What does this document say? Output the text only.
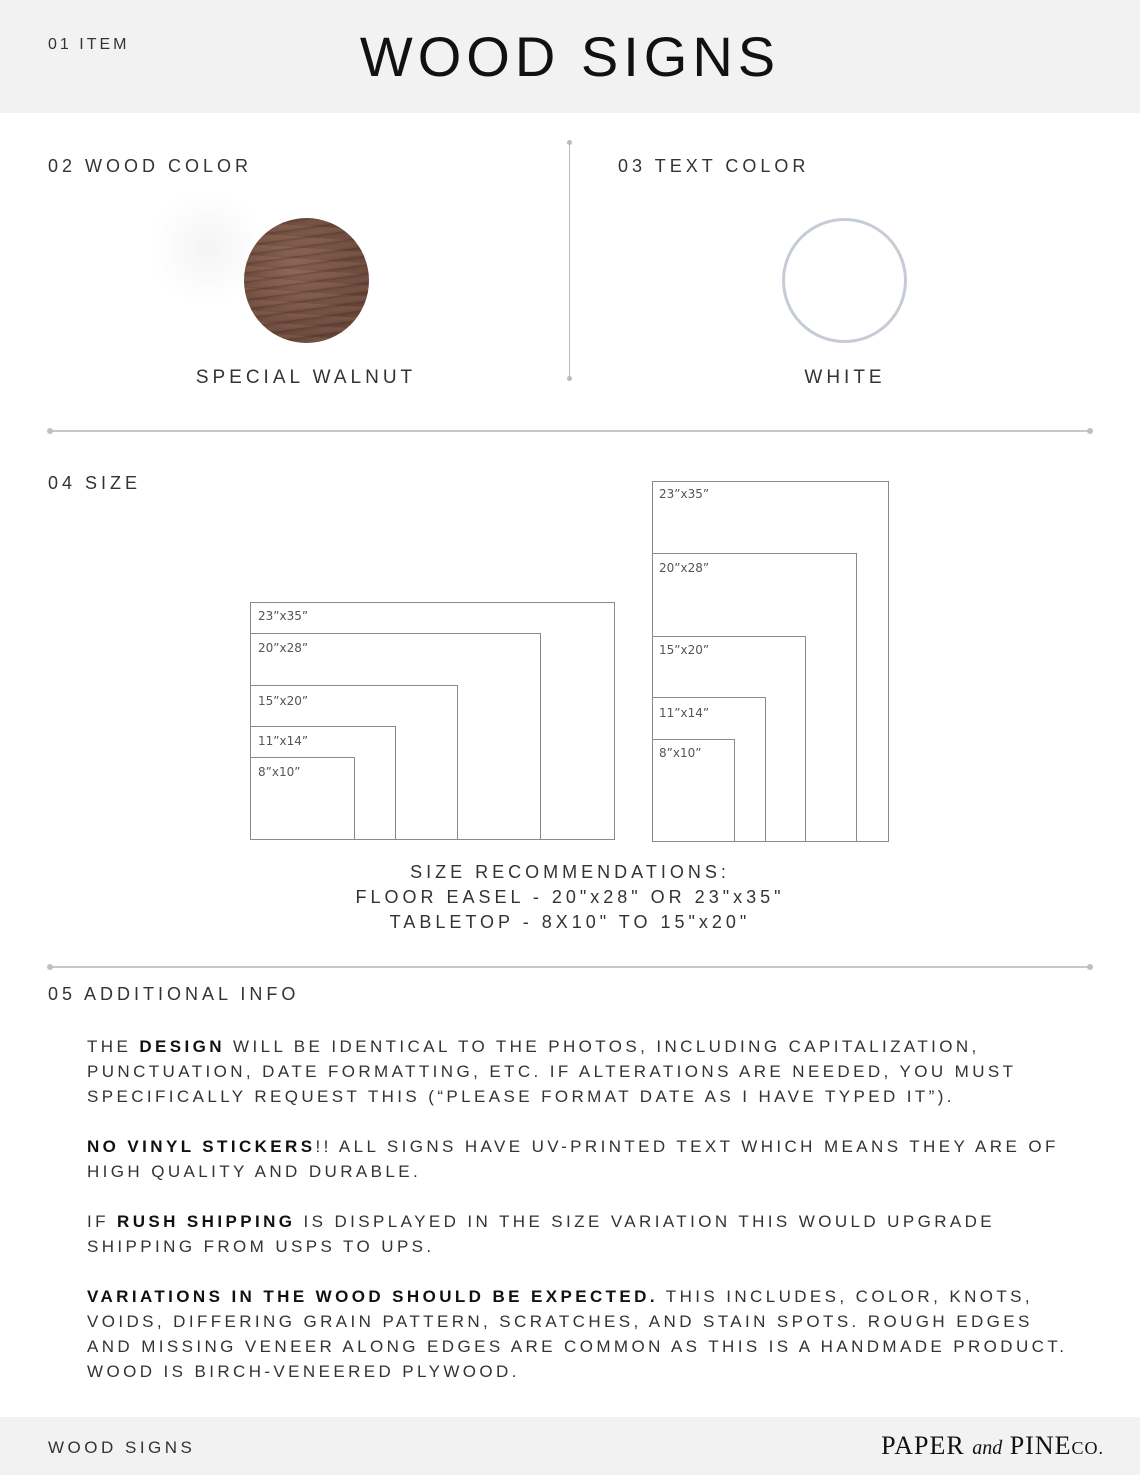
01 ITEM	WOOD SIGNS
02 WOOD COLOR	03 TEXT COLOR
SPECIAL WALNUT	WHITE
04 SIZE
23”x35”
20”x28”
15”x20”
11”x14”
8”x10”
23”x35”
20”x28”
15”x20”
11”x14”
8”x10”
SIZE RECOMMENDATIONS:
FLOOR EASEL - 20"x28" OR 23"x35"
TABLETOP - 8X10" TO 15"x20"
05 ADDITIONAL INFO

THE DESIGN WILL BE IDENTICAL TO THE PHOTOS, INCLUDING CAPITALIZATION, PUNCTUATION, DATE FORMATTING, ETC. IF ALTERATIONS ARE NEEDED, YOU MUST SPECIFICALLY REQUEST THIS (“PLEASE FORMAT DATE AS I HAVE TYPED IT”).

NO VINYL STICKERS!! ALL SIGNS HAVE UV-PRINTED TEXT WHICH MEANS THEY ARE OF HIGH QUALITY AND DURABLE.

IF RUSH SHIPPING IS DISPLAYED IN THE SIZE VARIATION THIS WOULD UPGRADE SHIPPING FROM USPS TO UPS.

VARIATIONS IN THE WOOD SHOULD BE EXPECTED. THIS INCLUDES, COLOR, KNOTS, VOIDS, DIFFERING GRAIN PATTERN, SCRATCHES, AND STAIN SPOTS. ROUGH EDGES AND MISSING VENEER ALONG EDGES ARE COMMON AS THIS IS A HANDMADE PRODUCT. WOOD IS BIRCH-VENEERED PLYWOOD.

WOOD SIGNS	PAPER and PINECO.
